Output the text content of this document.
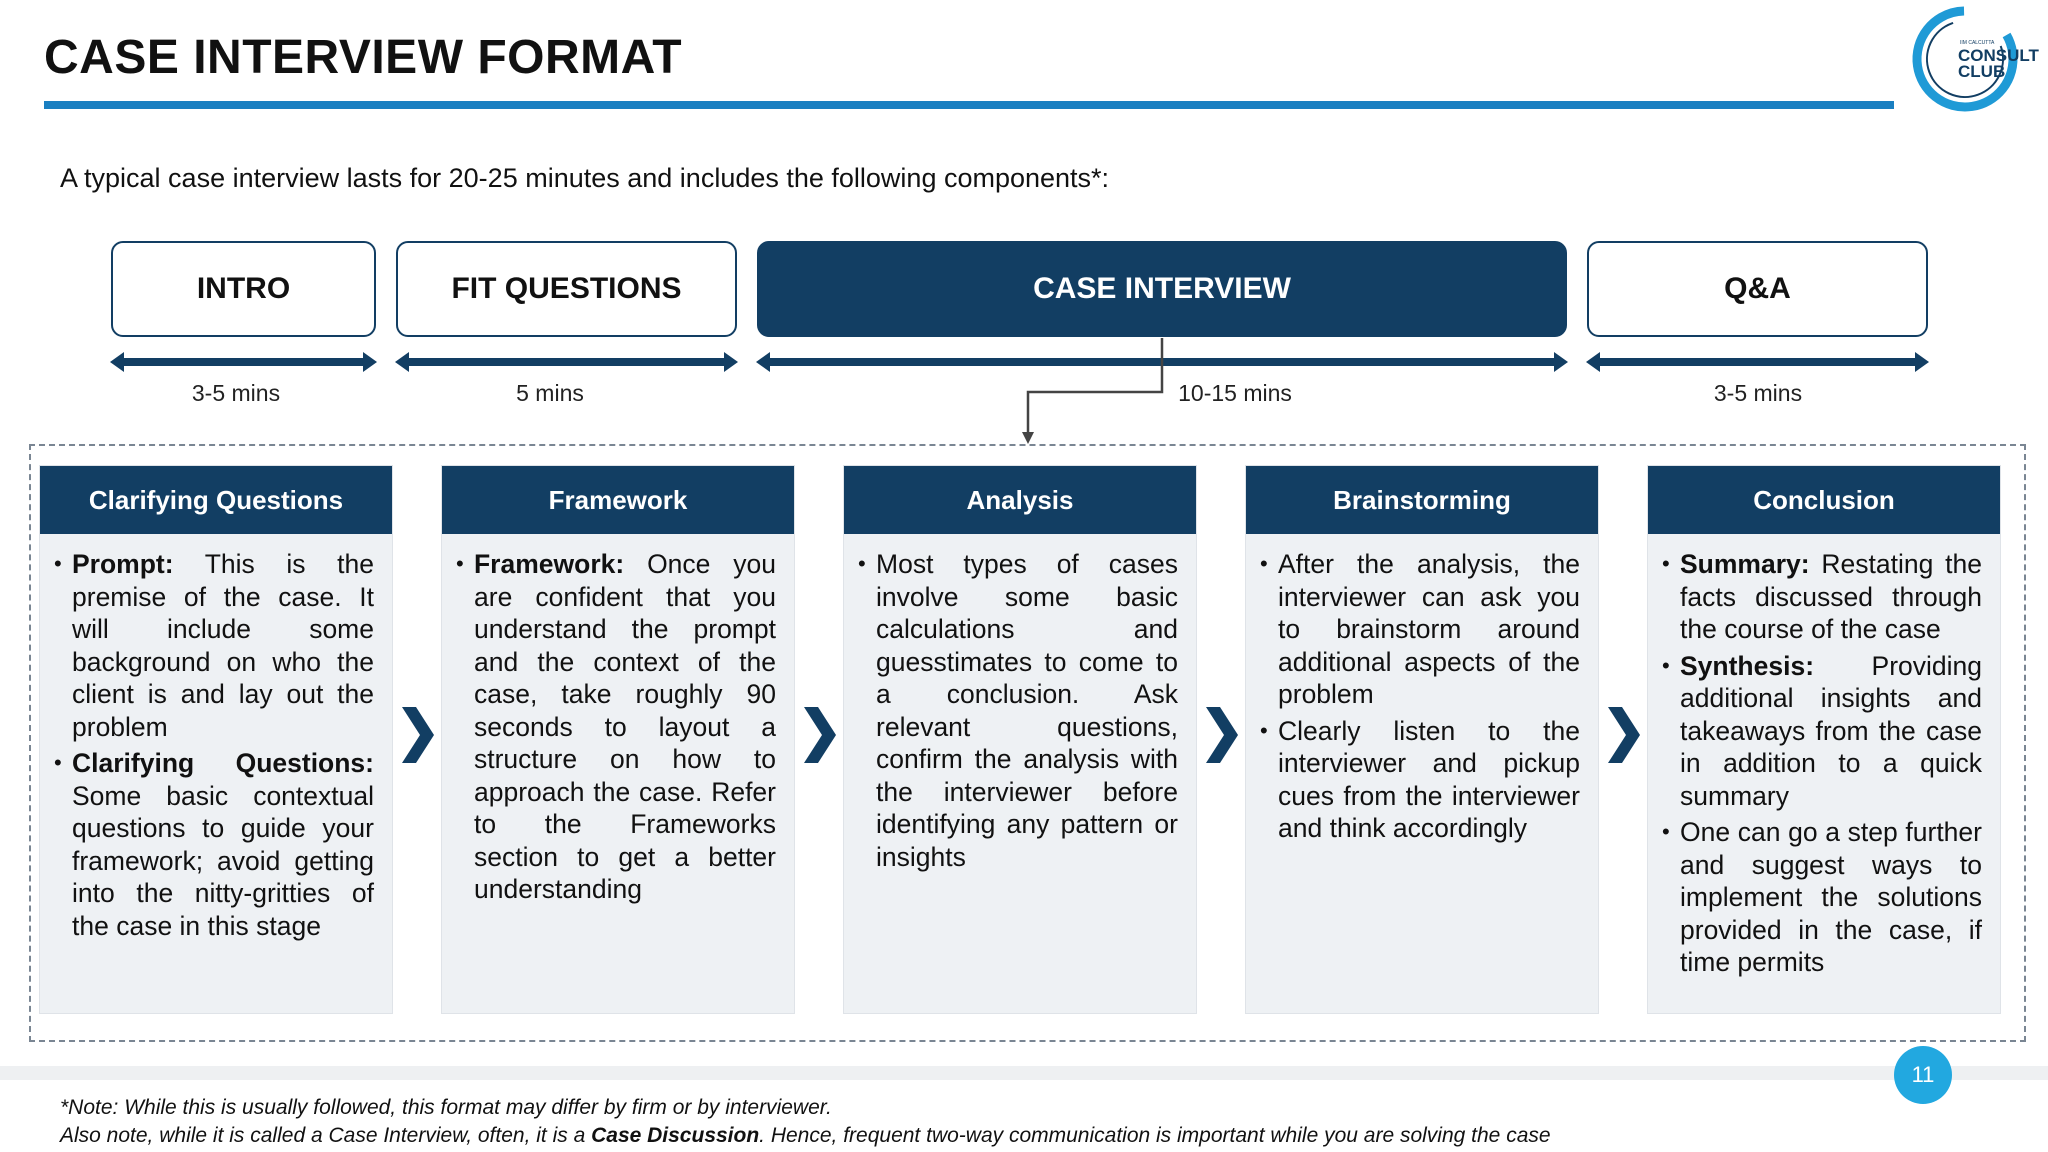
CASE INTERVIEW FORMAT	IIM CALCUTTA
CONSULT
CLUB
A typical case interview lasts for 20-25 minutes and includes the following components*:
INTRO	FIT QUESTIONS	CASE INTERVIEW	Q&A
3-5 mins	5 mins	10-15 mins	3-5 mins
Clarifying Questions
• Prompt: This is the premise of the case. It will include some background on who the client is and lay out the problem
• Clarifying Questions: Some basic contextual questions to guide your framework; avoid getting into the nitty-gritties of the case in this stage
Framework
• Framework: Once you are confident that you understand the prompt and the context of the case, take roughly 90 seconds to layout a structure on how to approach the case. Refer to the Frameworks section to get a better understanding
Analysis
• Most types of cases involve some basic calculations and guesstimates to come to a conclusion. Ask relevant questions, confirm the analysis with the interviewer before identifying any pattern or insights
Brainstorming
• After the analysis, the interviewer can ask you to brainstorm around additional aspects of the problem
• Clearly listen to the interviewer and pickup cues from the interviewer and think accordingly
Conclusion
• Summary: Restating the facts discussed through the course of the case
• Synthesis: Providing additional insights and takeaways from the case in addition to a quick summary
• One can go a step further and suggest ways to implement the solutions provided in the case, if time permits
*Note: While this is usually followed, this format may differ by firm or by interviewer.
Also note, while it is called a Case Interview, often, it is a Case Discussion. Hence, frequent two-way communication is important while you are solving the case
11
